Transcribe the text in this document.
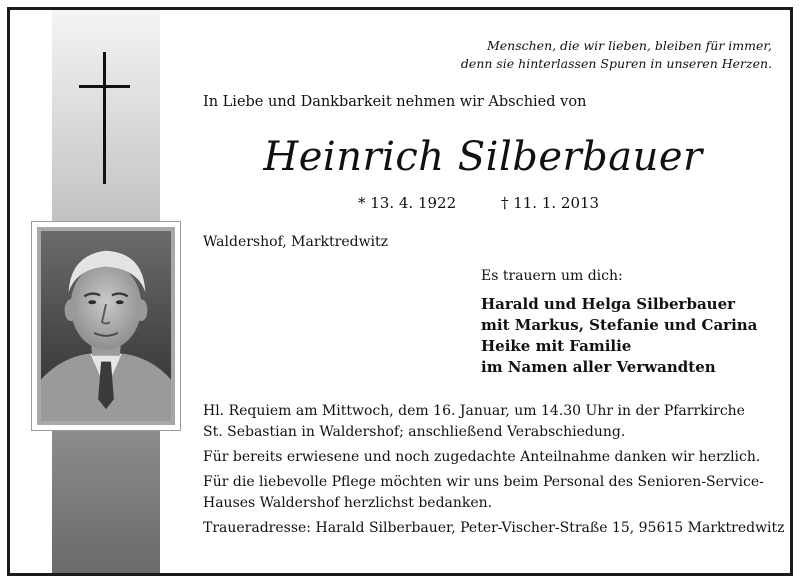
Menschen, die wir lieben, bleiben für immer,
denn sie hinterlassen Spuren in unseren Herzen.
In Liebe und Dankbarkeit nehmen wir Abschied von
Heinrich Silberbauer
* 13. 4. 1922	† 11. 1. 2013
Waldershof, Marktredwitz
Es trauern um dich:
Harald und Helga Silberbauer
mit Markus, Stefanie und Carina
Heike mit Familie
im Namen aller Verwandten
Hl. Requiem am Mittwoch, dem 16. Januar, um 14.30 Uhr in der Pfarrkirche
St. Sebastian in Waldershof; anschließend Verabschiedung.
Für bereits erwiesene und noch zugedachte Anteilnahme danken wir herzlich.
Für die liebevolle Pflege möchten wir uns beim Personal des Senioren-Service-
Hauses Waldershof herzlichst bedanken.
Traueradresse: Harald Silberbauer, Peter-Vischer-Straße 15, 95615 Marktredwitz
